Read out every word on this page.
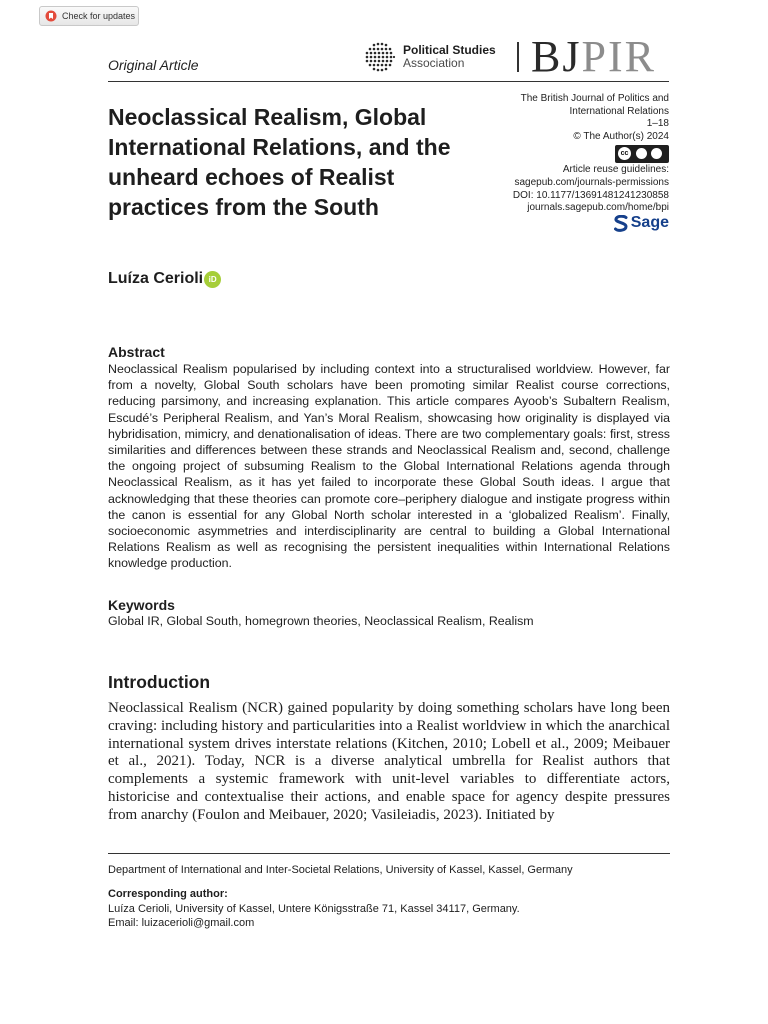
Check for updates
Original Article
Political Studies
Association	BJPIR
Neoclassical Realism, Global International Relations, and the unheard echoes of Realist practices from the South
The British Journal of Politics and
International Relations
1–18
© The Author(s) 2024
cc
Article reuse guidelines:
sagepub.com/journals-permissions
DOI: 10.1177/13691481241230858
journals.sagepub.com/home/bpi
Sage
Luíza Cerioli iD
Abstract

Neoclassical Realism popularised by including context into a structuralised worldview. However, far from a novelty, Global South scholars have been promoting similar Realist course corrections, reducing parsimony, and increasing explanation. This article compares Ayoob’s Subaltern Realism, Escudé’s Peripheral Realism, and Yan’s Moral Realism, showcasing how originality is displayed via hybridisation, mimicry, and denationalisation of ideas. There are two complementary goals: first, stress similarities and differences between these strands and Neoclassical Realism and, second, challenge the ongoing project of subsuming Realism to the Global International Relations agenda through Neoclassical Realism, as it has yet failed to incorporate these Global South ideas. I argue that acknowledging that these theories can promote core–periphery dialogue and instigate progress within the canon is essential for any Global North scholar interested in a ‘globalized Realism’. Finally, socioeconomic asymmetries and interdisciplinarity are central to building a Global International Relations Realism as well as recognising the persistent inequalities within International Relations knowledge production.

Keywords
Global IR, Global South, homegrown theories, Neoclassical Realism, Realism
Introduction

Neoclassical Realism (NCR) gained popularity by doing something scholars have long been craving: including history and particularities into a Realist worldview in which the anarchical international system drives interstate relations (Kitchen, 2010; Lobell et al., 2009; Meibauer et al., 2021). Today, NCR is a diverse analytical umbrella for Realist authors that complements a systemic framework with unit-level variables to differentiate actors, historicise and contextualise their actions, and enable space for agency despite pressures from anarchy (Foulon and Meibauer, 2020; Vasileiadis, 2023). Initiated by

Department of International and Inter-Societal Relations, University of Kassel, Kassel, Germany
Corresponding author:
Luíza Cerioli, University of Kassel, Untere Königsstraße 71, Kassel 34117, Germany.
Email: luizacerioli@gmail.com
